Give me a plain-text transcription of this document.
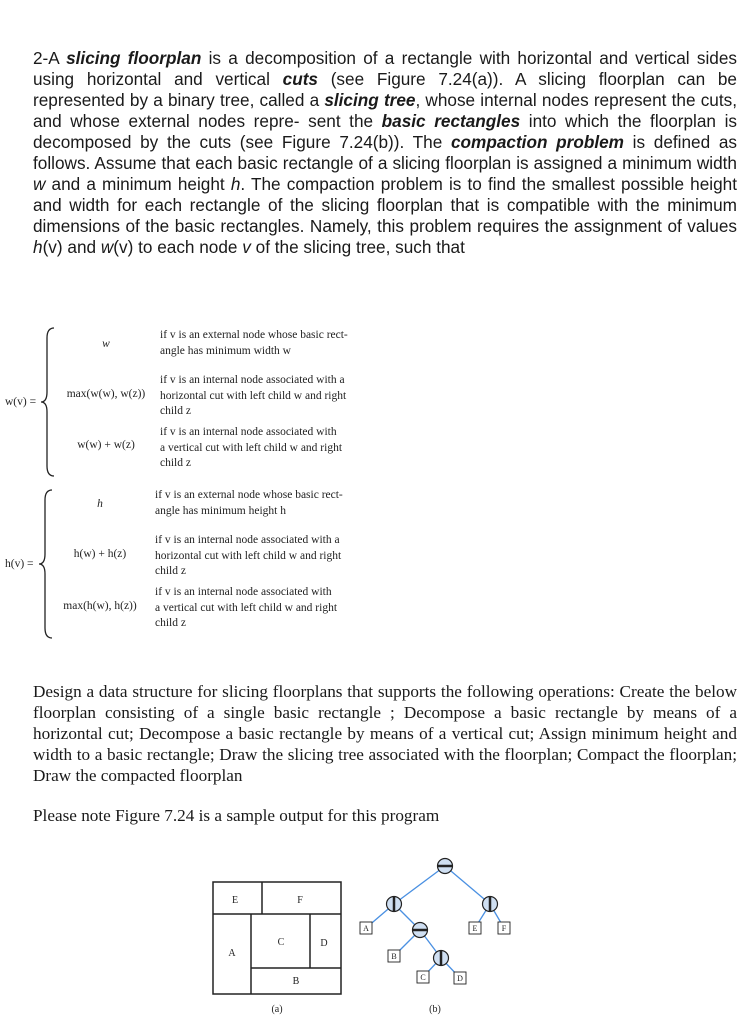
2-A slicing floorplan is a decomposition of a rectangle with horizontal and vertical sides using horizontal and vertical cuts (see Figure 7.24(a)). A slicing floorplan can be represented by a binary tree, called a slicing tree, whose internal nodes represent the cuts, and whose external nodes repre- sent the basic rectangles into which the floorplan is decomposed by the cuts (see Figure 7.24(b)). The compaction problem is defined as follows. Assume that each basic rectangle of a slicing floorplan is assigned a minimum width w and a minimum height h. The compaction problem is to find the smallest possible height and width for each rectangle of the slicing floorplan that is compatible with the minimum dimensions of the basic rectangles. Namely, this problem requires the assignment of values h(v) and w(v) to each node v of the slicing tree, such that
w(v) =
w
if v is an external node whose basic rect-
angle has minimum width w
max(w(w), w(z))
if v is an internal node associated with a
horizontal cut with left child w and right
child z
w(w) + w(z)
if v is an internal node associated with
a vertical cut with left child w and right
child z
h(v) =
h
if v is an external node whose basic rect-
angle has minimum height h
h(w) + h(z)
if v is an internal node associated with a
horizontal cut with left child w and right
child z
max(h(w), h(z))
if v is an internal node associated with
a vertical cut with left child w and right
child z
Design a data structure for slicing floorplans that supports the following operations: Create the below floorplan consisting of a single basic rectangle ; Decompose a basic rectangle by means of a horizontal cut; Decompose a basic rectangle by means of a vertical cut; Assign minimum height and width to a basic rectangle; Draw the slicing tree associated with the floorplan; Compact the floorplan; Draw the compacted floorplan
Please note Figure 7.24 is a sample output for this program
E	F
A
C	D
B
(a)
A
B
C	D
E	F
(b)
